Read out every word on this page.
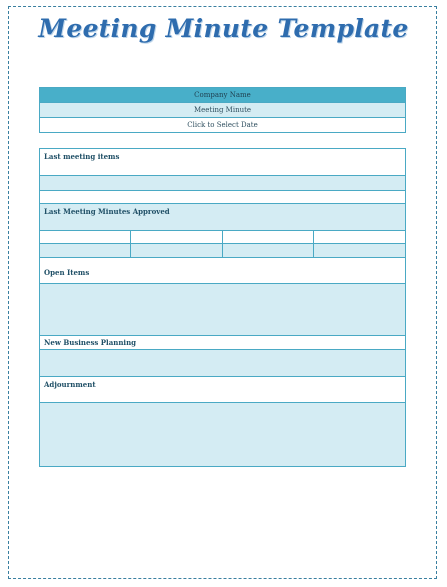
Meeting Minute Template
Company Name
Meeting Minute
Click to Select Date
Last meeting items
Last Meeting Minutes Approved
Open Items
New Business Planning
Adjournment
